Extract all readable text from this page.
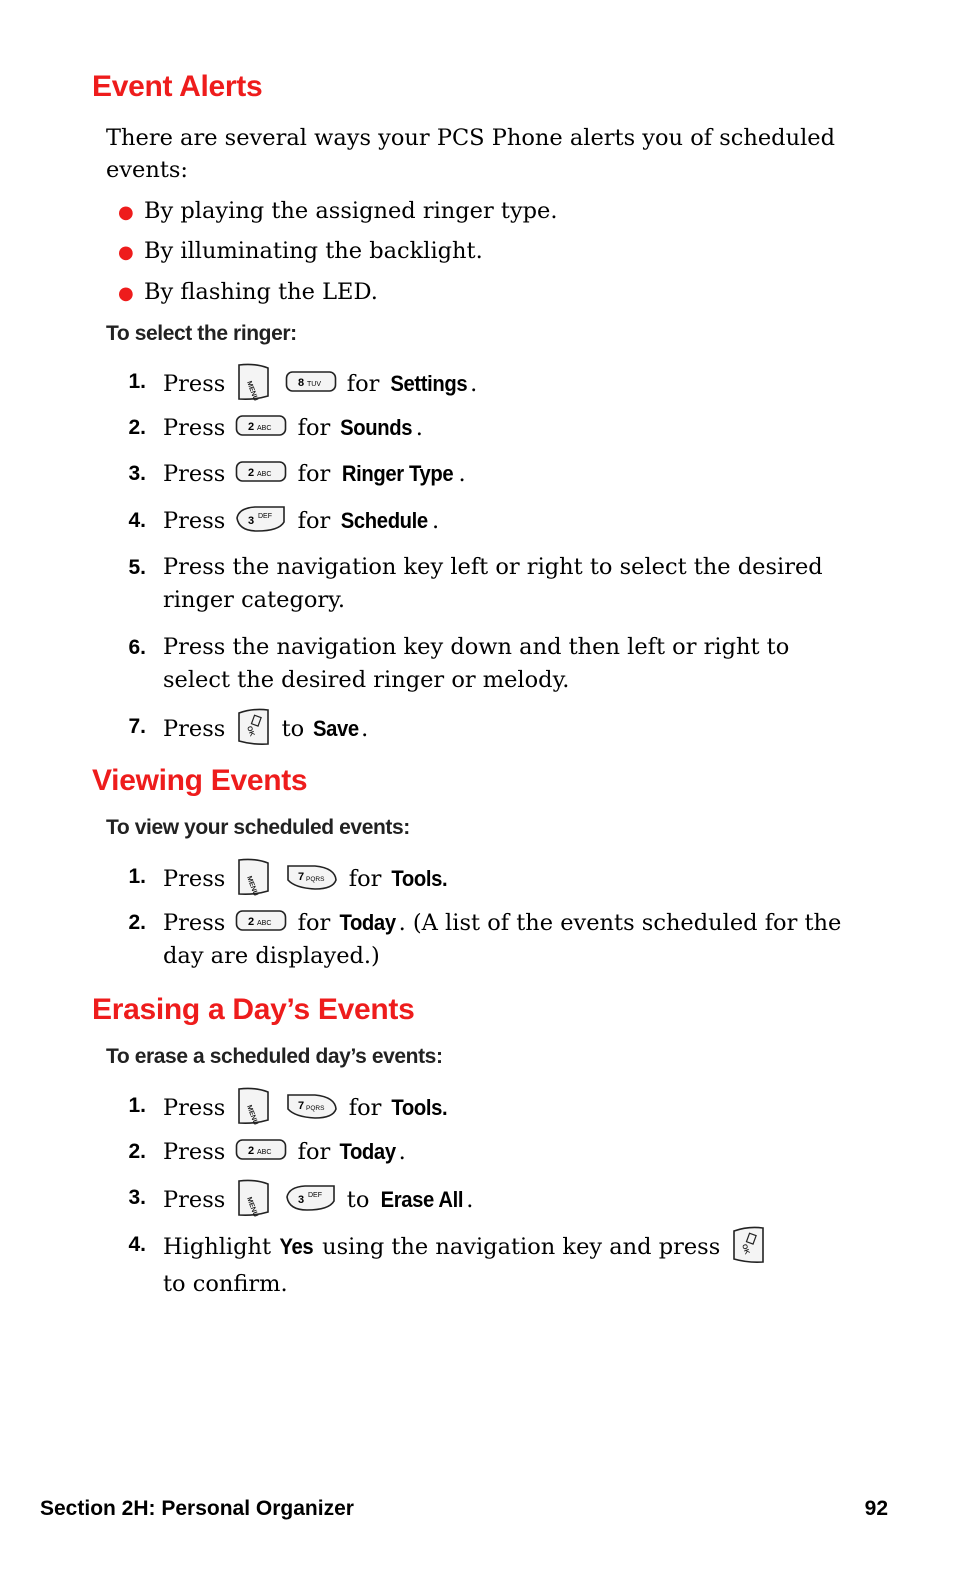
Event Alerts

There are several ways your PCS Phone alerts you of scheduled events:

● By playing the assigned ringer type.
● By illuminating the backlight.
● By flashing the LED.
To select the ringer:
1. Press	8 TUV for Settings .
2. Press 2 ABC for Sounds .
3. Press 2 ABC for Ringer Type .
4. Press 3 DEF for Schedule .
5. Press the navigation key left or right to select the desired ringer category.
6. Press the navigation key down and then left or right to select the desired ringer or melody.
7. Press	to Save.
Viewing Events
To view your scheduled events:
1. Press	7 PQRS for Tools.
2. Press 2 ABC for Today . (A list of the events scheduled for the day are displayed.)
Erasing a Day’s Events
To erase a scheduled day’s events:
1. Press	7 PQRS for Tools.
2. Press 2 ABC for Today .
3. Press	3 DEF to Erase All .
4. Highlight Yes using the navigation key and press
to confirm.
Section 2H: Personal Organizer	92
